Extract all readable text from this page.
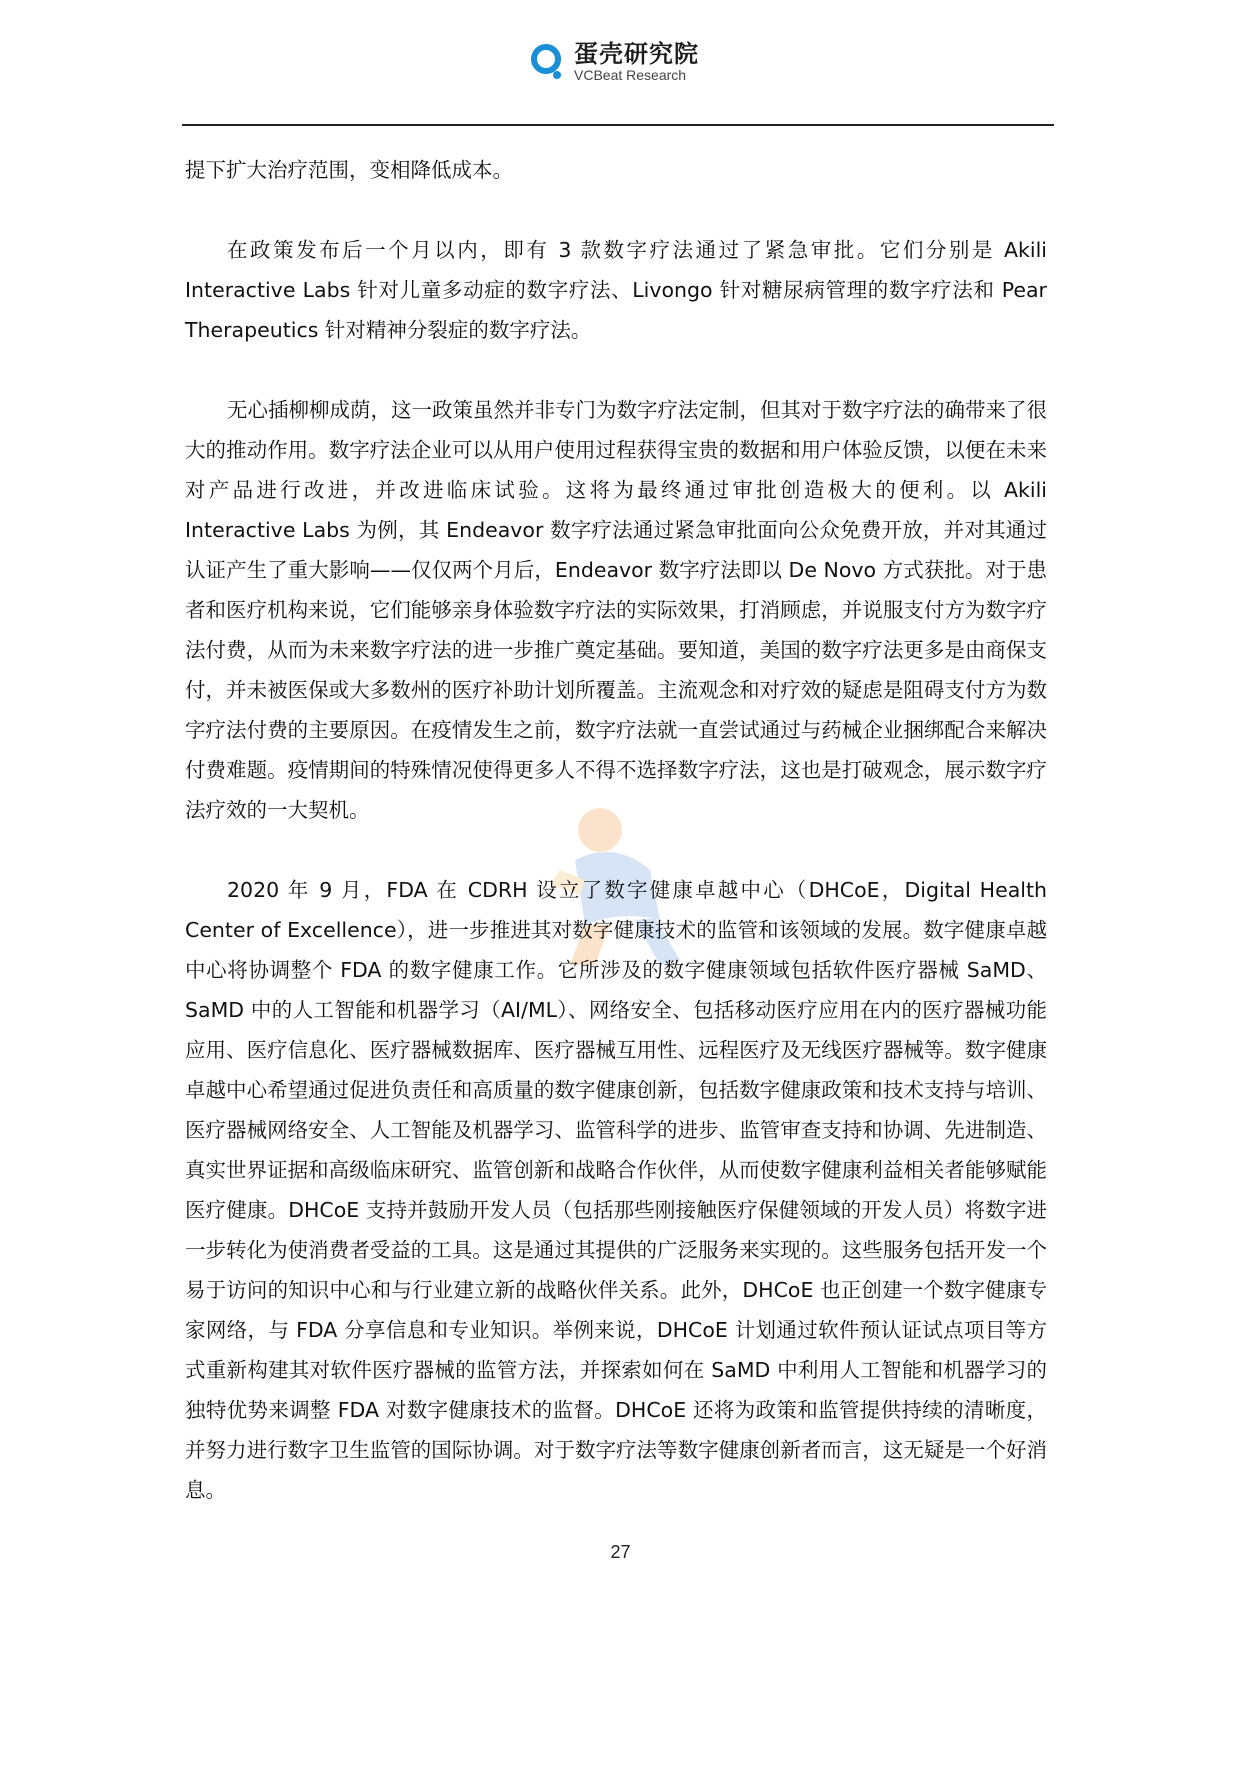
蛋壳研究院
VCBeat Research

提下扩大治疗范围，变相降低成本。

在政策发布后一个月以内，即有 3 款数字疗法通过了紧急审批。它们分别是 Akili Interactive Labs 针对儿童多动症的数字疗法、Livongo 针对糖尿病管理的数字疗法和 Pear Therapeutics 针对精神分裂症的数字疗法。

无心插柳柳成荫，这一政策虽然并非专门为数字疗法定制，但其对于数字疗法的确带来了很大的推动作用。数字疗法企业可以从用户使用过程获得宝贵的数据和用户体验反馈，以便在未来对产品进行改进，并改进临床试验。这将为最终通过审批创造极大的便利。以 Akili Interactive Labs 为例，其 Endeavor 数字疗法通过紧急审批面向公众免费开放，并对其通过认证产生了重大影响——仅仅两个月后，Endeavor 数字疗法即以 De Novo 方式获批。对于患者和医疗机构来说，它们能够亲身体验数字疗法的实际效果，打消顾虑，并说服支付方为数字疗法付费，从而为未来数字疗法的进一步推广奠定基础。要知道，美国的数字疗法更多是由商保支付，并未被医保或大多数州的医疗补助计划所覆盖。主流观念和对疗效的疑虑是阻碍支付方为数字疗法付费的主要原因。在疫情发生之前，数字疗法就一直尝试通过与药械企业捆绑配合来解决付费难题。疫情期间的特殊情况使得更多人不得不选择数字疗法，这也是打破观念，展示数字疗法疗效的一大契机。

2020 年 9 月，FDA 在 CDRH 设立了数字健康卓越中心（DHCoE，Digital Health Center of Excellence），进一步推进其对数字健康技术的监管和该领域的发展。数字健康卓越中心将协调整个 FDA 的数字健康工作。它所涉及的数字健康领域包括软件医疗器械 SaMD、SaMD 中的人工智能和机器学习（AI/ML）、网络安全、包括移动医疗应用在内的医疗器械功能应用、医疗信息化、医疗器械数据库、医疗器械互用性、远程医疗及无线医疗器械等。数字健康卓越中心希望通过促进负责任和高质量的数字健康创新，包括数字健康政策和技术支持与培训、医疗器械网络安全、人工智能及机器学习、监管科学的进步、监管审查支持和协调、先进制造、真实世界证据和高级临床研究、监管创新和战略合作伙伴，从而使数字健康利益相关者能够赋能医疗健康。DHCoE 支持并鼓励开发人员（包括那些刚接触医疗保健领域的开发人员）将数字进一步转化为使消费者受益的工具。这是通过其提供的广泛服务来实现的。这些服务包括开发一个易于访问的知识中心和与行业建立新的战略伙伴关系。此外，DHCoE 也正创建一个数字健康专家网络，与 FDA 分享信息和专业知识。举例来说，DHCoE 计划通过软件预认证试点项目等方式重新构建其对软件医疗器械的监管方法，并探索如何在 SaMD 中利用人工智能和机器学习的独特优势来调整 FDA 对数字健康技术的监督。DHCoE 还将为政策和监管提供持续的清晰度，并努力进行数字卫生监管的国际协调。对于数字疗法等数字健康创新者而言，这无疑是一个好消息。

27
